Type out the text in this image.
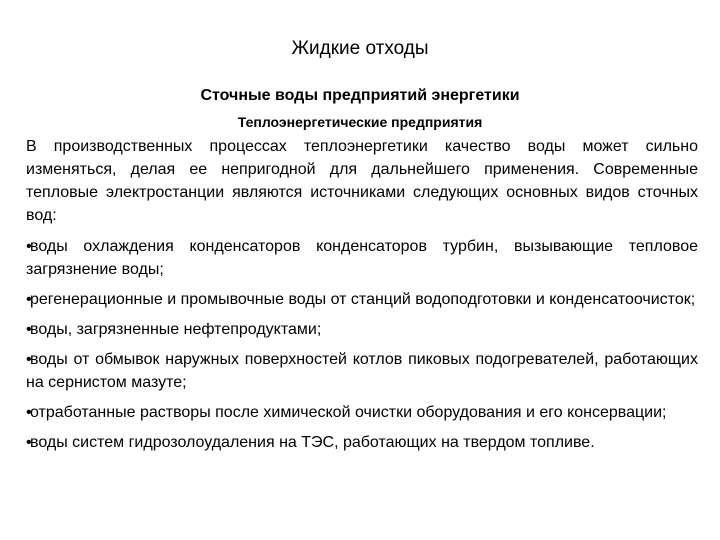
Жидкие отходы
Сточные воды предприятий энергетики
Теплоэнергетические предприятия

В производственных процессах теплоэнергетики качество воды может сильно изменяться, делая ее непригодной для дальнейшего применения. Современные тепловые электростанции являются источниками следующих основных видов сточных вод:

•воды охлаждения конденсаторов конденсаторов турбин, вызывающие тепловое загрязнение воды;
•регенерационные и промывочные воды от станций водоподготовки и конденсатоочисток;
•воды, загрязненные нефтепродуктами;
•воды от обмывок наружных поверхностей котлов пиковых подогревателей, работающих на сернистом мазуте;
•отработанные растворы после химической очистки оборудования и его консервации;
•воды систем гидрозолоудаления на ТЭС, работающих на твердом топливе.
